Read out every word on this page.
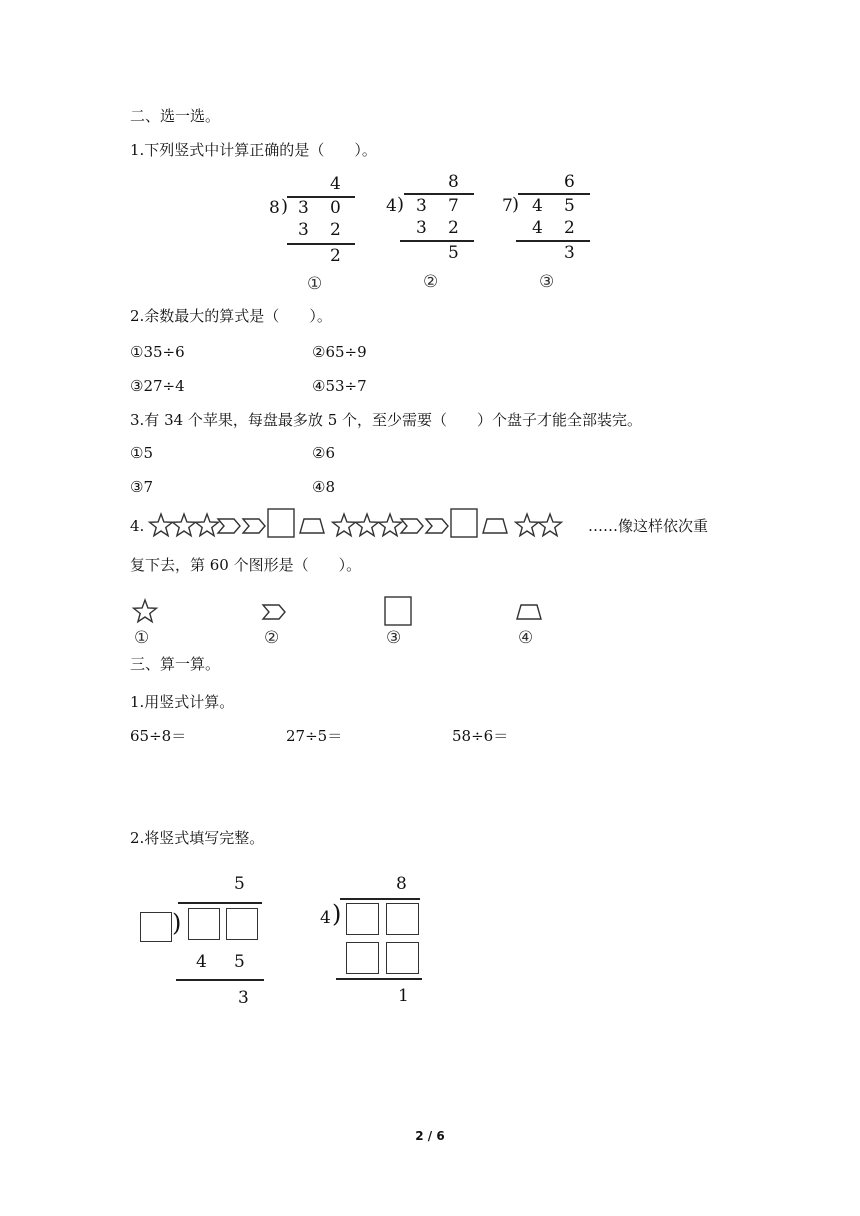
二、选一选。
1.下列竖式中计算正确的是（　　）。
4
8 ) 3 0
3 2
2
①
8
4 ) 3 7
3 2
5
②
6
7 ) 4 5
4 2
3
③
2.余数最大的算式是（　　）。
①35÷6	②65÷9
③27÷4	④53÷7
3.有 34 个苹果，每盘最多放 5 个，至少需要（　　）个盘子才能全部装完。
①5	②6
③7	④8
4.	……像这样依次重
复下去，第 60 个图形是（　　）。
①	②	③	④
三、算一算。
1.用竖式计算。
65÷8＝	27÷5＝	58÷6＝
2.将竖式填写完整。
5
)
4 5
3
8
4 )
1
2 / 6
